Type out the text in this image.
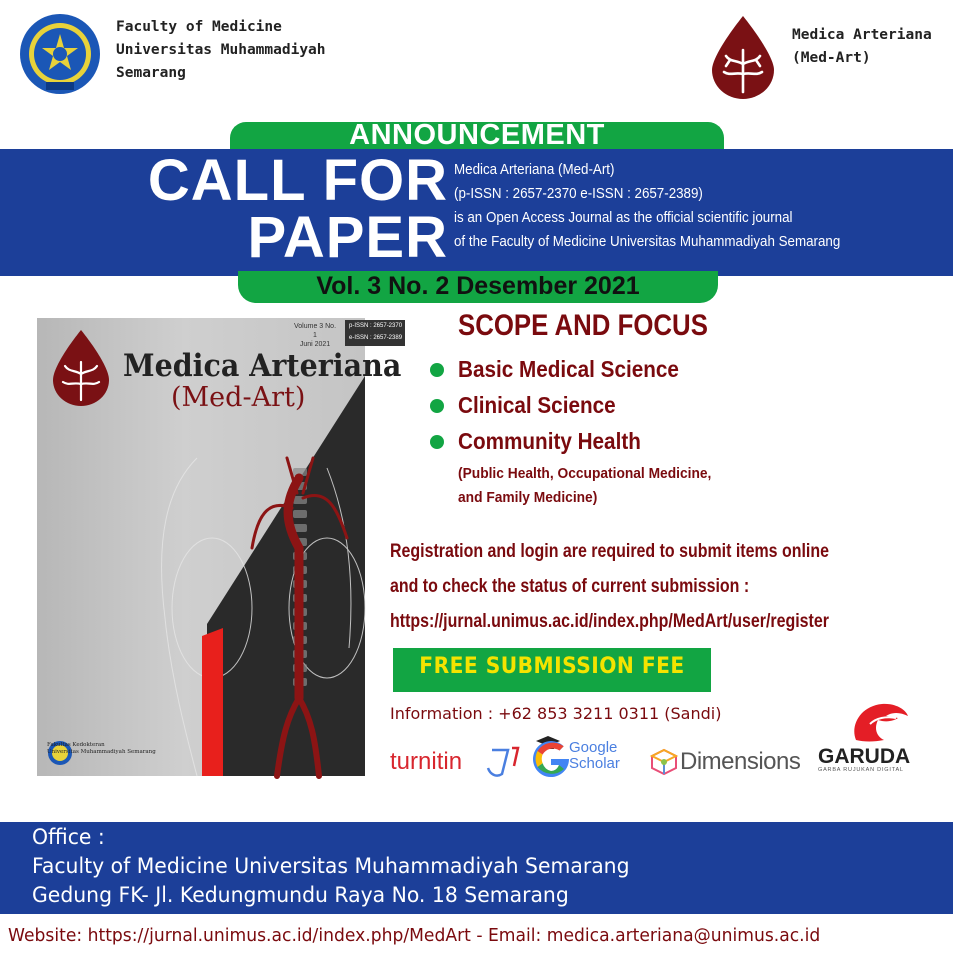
Faculty of Medicine
Universitas Muhammadiyah
Semarang
Medica Arteriana
(Med-Art)
ANNOUNCEMENT
CALL FOR
PAPER
Medica Arteriana (Med-Art)
(p-ISSN : 2657-2370 e-ISSN : 2657-2389)
is an Open Access Journal as the official scientific journal
of the Faculty of Medicine Universitas Muhammadiyah Semarang
Vol. 3 No. 2 Desember 2021
Volume 3 No. 1
Juni 2021
p-ISSN : 2657-2370
e-ISSN : 2657-2389
Medica Arteriana
(Med-Art)
Fakultas Kedokteran
Universitas Muhammadiyah Semarang
SCOPE AND FOCUS
Basic Medical Science
Clinical Science
Community Health
(Public Health, Occupational Medicine,
and Family Medicine)
Registration and login are required to submit items online
and to check the status of current submission :
https://jurnal.unimus.ac.id/index.php/MedArt/user/register
FREE SUBMISSION FEE
Information : +62 853 3211 0311 (Sandi)
turnitin
Google
Scholar	Dimensions GARUDA
GARBA RUJUKAN DIGITAL
Office :
Faculty of Medicine Universitas Muhammadiyah Semarang
Gedung FK- Jl. Kedungmundu Raya No. 18 Semarang
Website: https://jurnal.unimus.ac.id/index.php/MedArt - Email: medica.arteriana@unimus.ac.id
